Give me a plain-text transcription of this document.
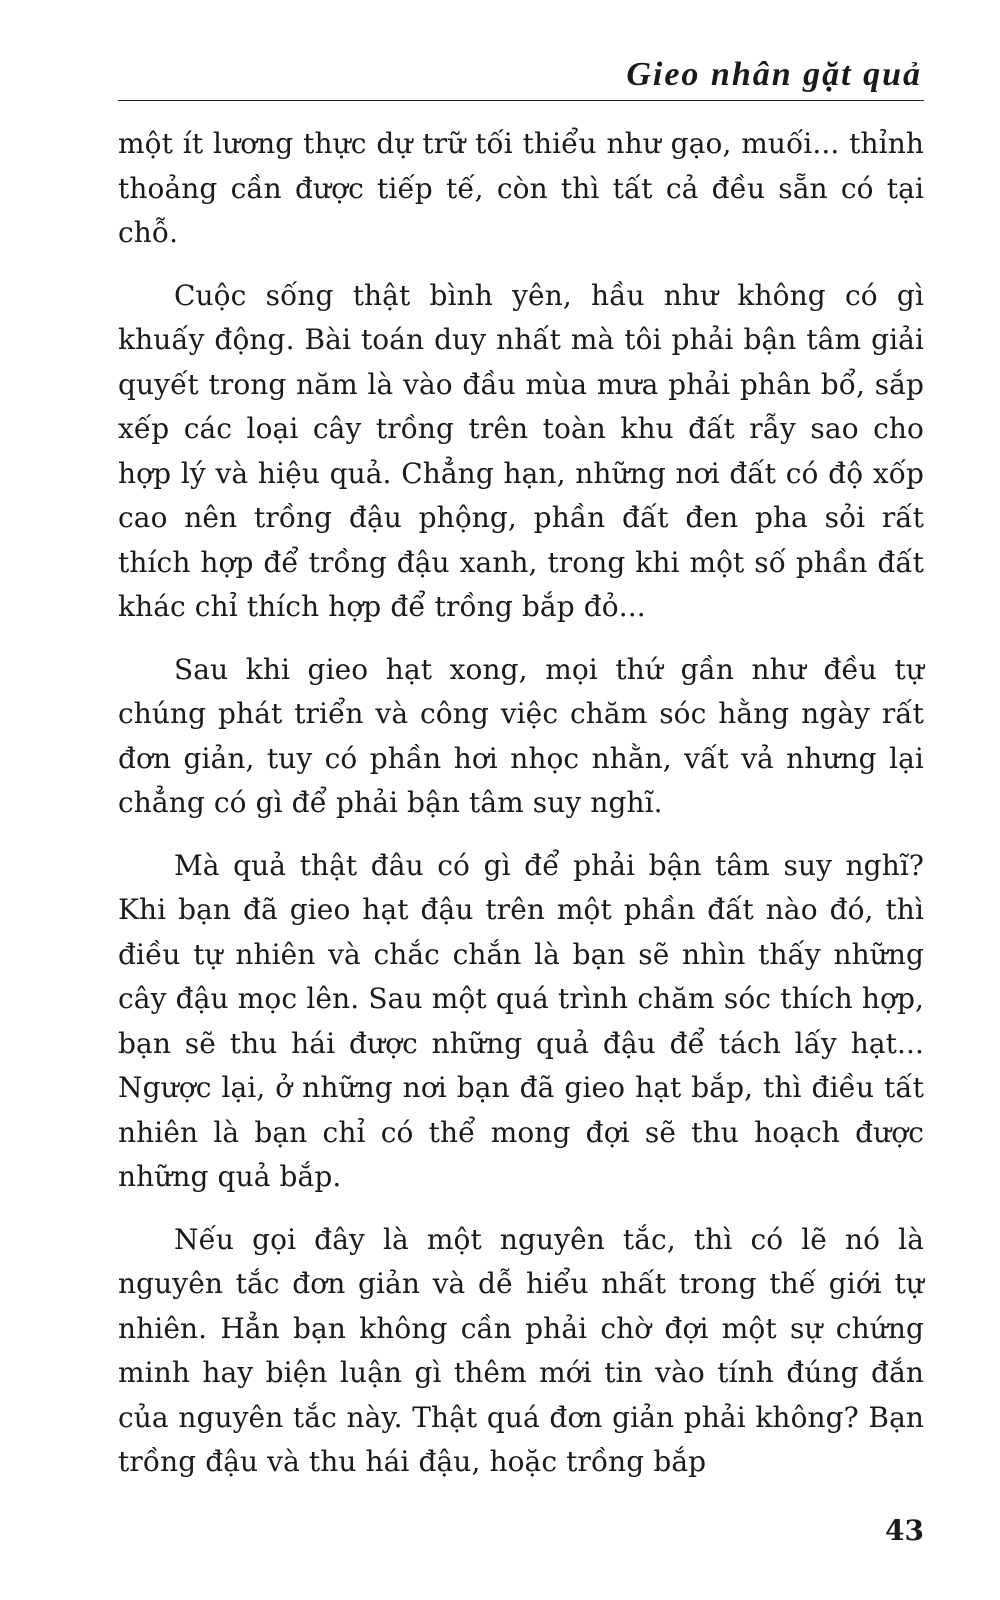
Gieo nhân gặt quả

một ít lương thực dự trữ tối thiểu như gạo, muối... thỉnh thoảng cần được tiếp tế, còn thì tất cả đều sẵn có tại chỗ.

Cuộc sống thật bình yên, hầu như không có gì khuấy động. Bài toán duy nhất mà tôi phải bận tâm giải quyết trong năm là vào đầu mùa mưa phải phân bổ, sắp xếp các loại cây trồng trên toàn khu đất rẫy sao cho hợp lý và hiệu quả. Chẳng hạn, những nơi đất có độ xốp cao nên trồng đậu phộng, phần đất đen pha sỏi rất thích hợp để trồng đậu xanh, trong khi một số phần đất khác chỉ thích hợp để trồng bắp đỏ...

Sau khi gieo hạt xong, mọi thứ gần như đều tự chúng phát triển và công việc chăm sóc hằng ngày rất đơn giản, tuy có phần hơi nhọc nhằn, vất vả nhưng lại chẳng có gì để phải bận tâm suy nghĩ.

Mà quả thật đâu có gì để phải bận tâm suy nghĩ? Khi bạn đã gieo hạt đậu trên một phần đất nào đó, thì điều tự nhiên và chắc chắn là bạn sẽ nhìn thấy những cây đậu mọc lên. Sau một quá trình chăm sóc thích hợp, bạn sẽ thu hái được những quả đậu để tách lấy hạt... Ngược lại, ở những nơi bạn đã gieo hạt bắp, thì điều tất nhiên là bạn chỉ có thể mong đợi sẽ thu hoạch được những quả bắp.

Nếu gọi đây là một nguyên tắc, thì có lẽ nó là nguyên tắc đơn giản và dễ hiểu nhất trong thế giới tự nhiên. Hẳn bạn không cần phải chờ đợi một sự chứng minh hay biện luận gì thêm mới tin vào tính đúng đắn của nguyên tắc này. Thật quá đơn giản phải không? Bạn trồng đậu và thu hái đậu, hoặc trồng bắp

43
